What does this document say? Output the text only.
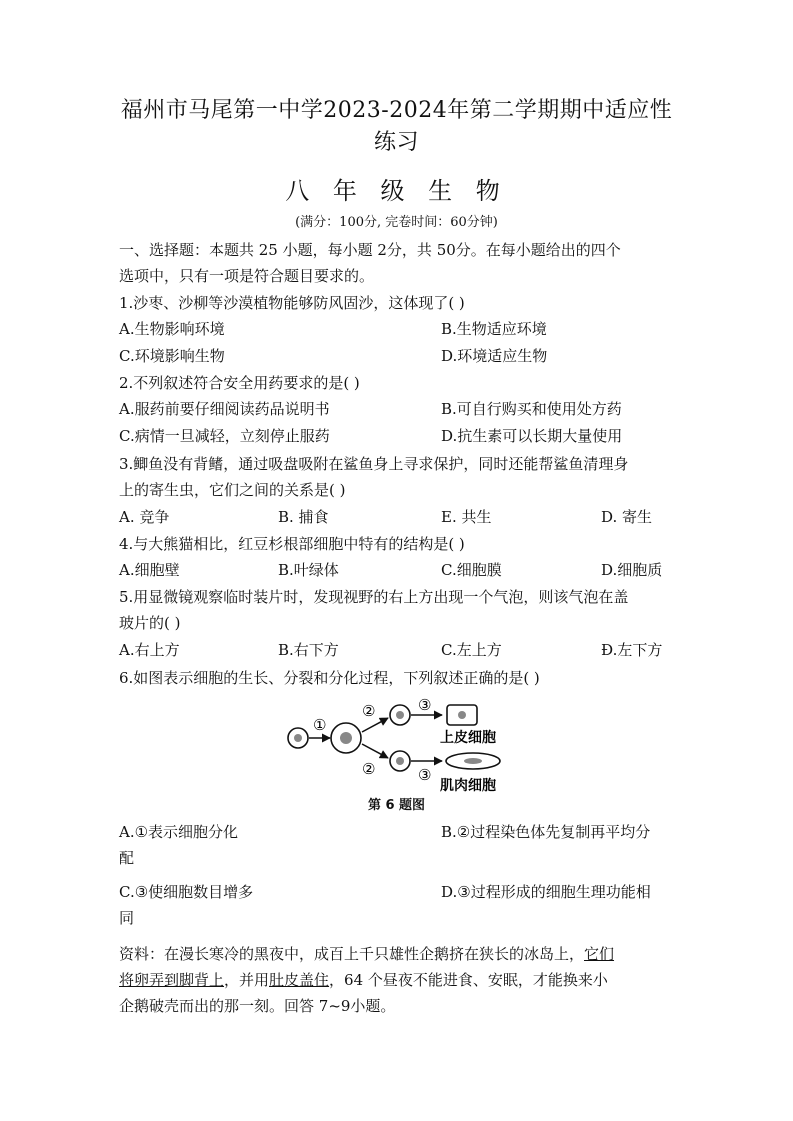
福州市马尾第一中学2023-2024年第二学期期中适应性
练习
八 年 级 生 物
(满分：100分, 完卷时间：60分钟)
一、选择题：本题共 25 小题，每小题 2分，共 50分。在每小题给出的四个
选项中，只有一项是符合题目要求的。
1.沙枣、沙柳等沙漠植物能够防风固沙，这体现了( )
A.生物影响环境	B.生物适应环境
C.环境影响生物	D.环境适应生物
2.不列叙述符合安全用药要求的是( )
A.服药前要仔细阅读药品说明书	B.可自行购买和使用处方药
C.病情一旦减轻，立刻停止服药	D.抗生素可以长期大量使用
3.鲫鱼没有背鳍，通过吸盘吸附在鲨鱼身上寻求保护，同时还能帮鲨鱼清理身
上的寄生虫，它们之间的关系是( )
A. 竞争	B. 捕食	E. 共生	D. 寄生
4.与大熊猫相比，红豆杉根部细胞中特有的结构是( )
A.细胞壁	B.叶绿体	C.细胞膜	D.细胞质
5.用显微镜观察临时装片时，发现视野的右上方出现一个气泡，则该气泡在盖
玻片的( )
A.右上方	B.右下方	C.左上方	Đ.左下方
6.如图表示细胞的生长、分裂和分化过程，下列叙述正确的是( )
①
②
②
③
③
上皮细胞
肌肉细胞
第 6 题图
A.①表示细胞分化	B.②过程染色体先复制再平均分
配
C.③使细胞数目增多	D.③过程形成的细胞生理功能相
同
资料：在漫长寒冷的黑夜中，成百上千只雄性企鹅挤在狭长的冰岛上，它们
将卵弄到脚背上，并用肚皮盖住，64 个昼夜不能进食、安眠，才能换来小
企鹅破壳而出的那一刻。回答 7~9小题。
